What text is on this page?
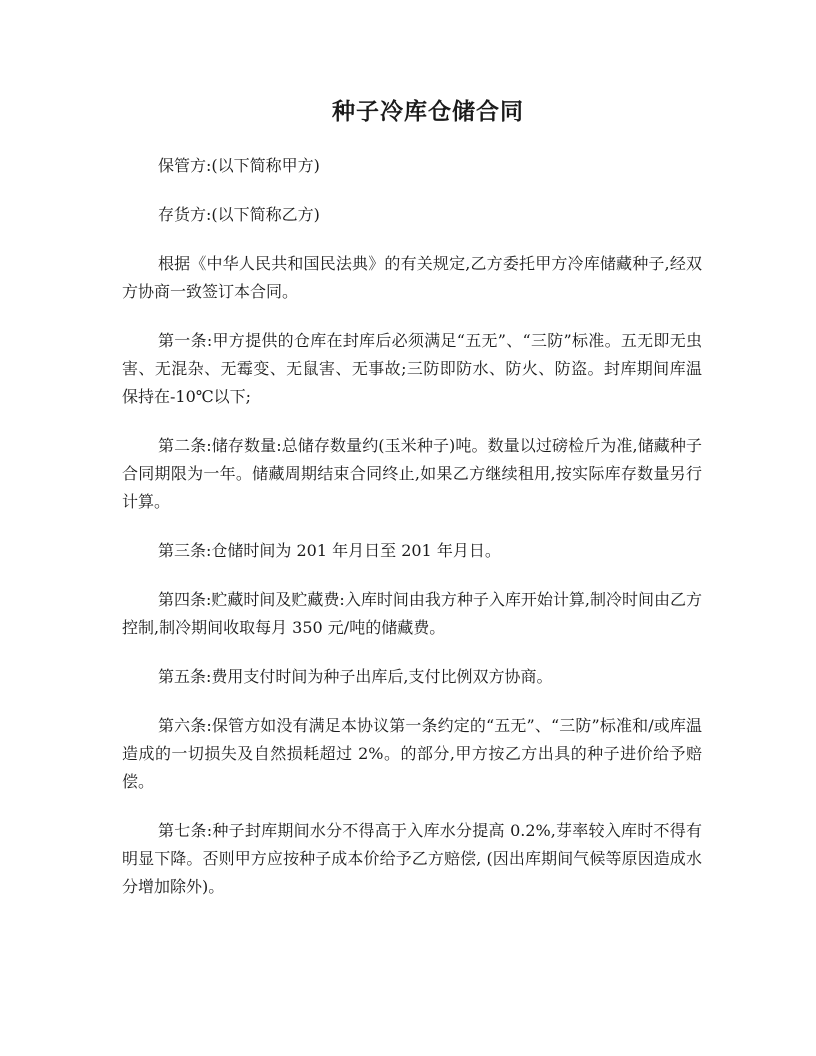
种子冷库仓储合同

保管方:(以下简称甲方)

存货方:(以下简称乙方)

根据《中华人民共和国民法典》的有关规定,乙方委托甲方冷库储藏种子,经双方协商一致签订本合同。

第一条:甲方提供的仓库在封库后必须满足“五无”、“三防”标准。五无即无虫害、无混杂、无霉变、无鼠害、无事故;三防即防水、防火、防盗。封库期间库温保持在-10℃以下;

第二条:储存数量:总储存数量约(玉米种子)吨。数量以过磅检斤为准,储藏种子合同期限为一年。储藏周期结束合同终止,如果乙方继续租用,按实际库存数量另行计算。

第三条:仓储时间为 201 年月日至 201 年月日。

第四条:贮藏时间及贮藏费:入库时间由我方种子入库开始计算,制冷时间由乙方控制,制冷期间收取每月 350 元/吨的储藏费。

第五条:费用支付时间为种子出库后,支付比例双方协商。

第六条:保管方如没有满足本协议第一条约定的“五无”、“三防”标准和/或库温造成的一切损失及自然损耗超过 2%。的部分,甲方按乙方出具的种子进价给予赔偿。

第七条:种子封库期间水分不得高于入库水分提高 0.2%,芽率较入库时不得有明显下降。否则甲方应按种子成本价给予乙方赔偿, (因出库期间气候等原因造成水分增加除外)。
